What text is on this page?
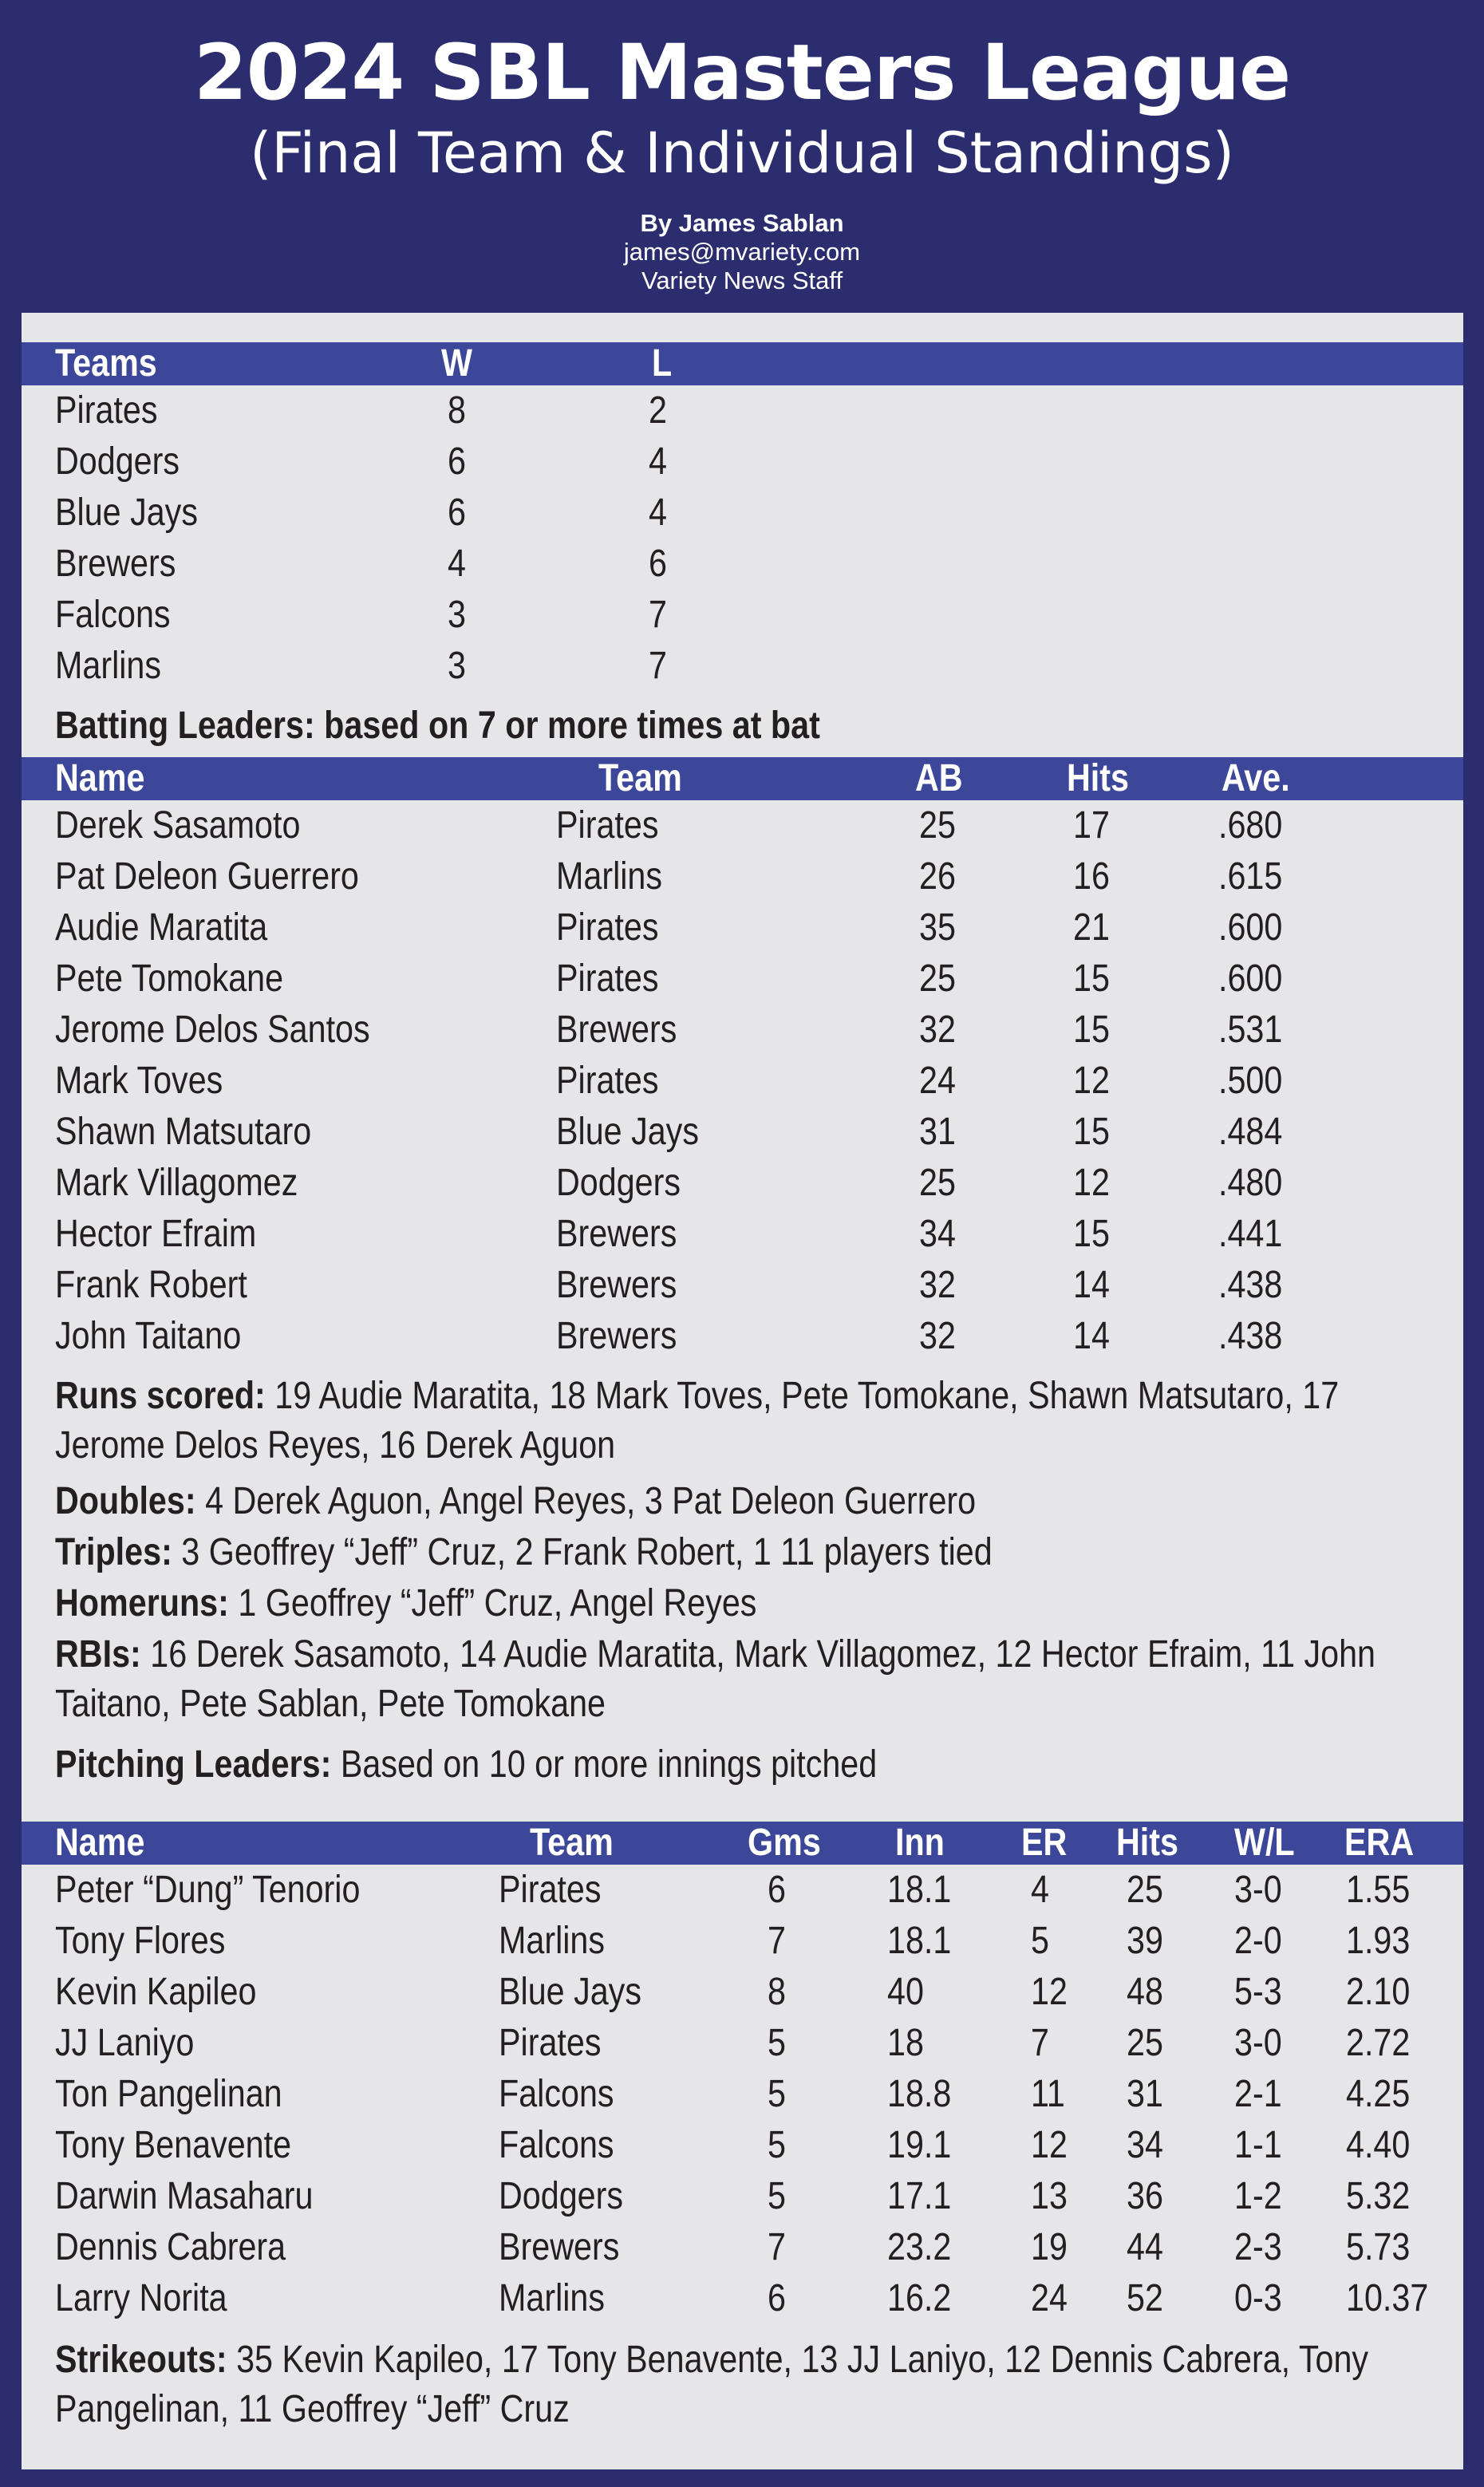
2024 SBL Masters League
(Final Team & Individual Standings)
By James Sablan
james@mvariety.com
Variety News Staff
Teams	W	L
Pirates	8	2
Dodgers	6	4
Blue Jays	6	4
Brewers	4	6
Falcons	3	7
Marlins	3	7
Batting Leaders: based on 7 or more times at bat
Name	Team	AB	Hits Ave.
Derek Sasamoto	Pirates	25	17	.680
Pat Deleon Guerrero	Marlins	26	16	.615
Audie Maratita	Pirates	35	21	.600
Pete Tomokane	Pirates	25	15	.600
Jerome Delos Santos	Brewers	32	15	.531
Mark Toves	Pirates	24	12	.500
Shawn Matsutaro	Blue Jays	31	15	.484
Mark Villagomez	Dodgers	25	12	.480
Hector Efraim	Brewers	34	15	.441
Frank Robert	Brewers	32	14	.438
John Taitano	Brewers	32	14	.438
Runs scored: 19 Audie Maratita, 18 Mark Toves, Pete Tomokane, Shawn Matsutaro, 17 Jerome Delos Reyes, 16 Derek Aguon
Doubles: 4 Derek Aguon, Angel Reyes, 3 Pat Deleon Guerrero
Triples: 3 Geoffrey “Jeff” Cruz, 2 Frank Robert, 1 11 players tied
Homeruns: 1 Geoffrey “Jeff” Cruz, Angel Reyes
RBIs: 16 Derek Sasamoto, 14 Audie Maratita, Mark Villagomez, 12 Hector Efraim, 11 John Taitano, Pete Sablan, Pete Tomokane
Pitching Leaders: Based on 10 or more innings pitched
Name	Team	Gms Inn ER Hits W/L ERA
Peter “Dung” Tenorio	Pirates	6	18.1 4 25 3-0 1.55
Tony Flores	Marlins	7	18.1 5 39 2-0 1.93
Kevin Kapileo	Blue Jays	8	40	12 48 5-3 2.10
JJ Laniyo	Pirates	5	18	7 25 3-0 2.72
Ton Pangelinan	Falcons	5	18.8 11 31 2-1 4.25
Tony Benavente	Falcons	5	19.1 12 34 1-1 4.40
Darwin Masaharu	Dodgers	5	17.1 13 36 1-2 5.32
Dennis Cabrera	Brewers	7	23.2 19 44 2-3 5.73
Larry Norita	Marlins	6	16.2 24 52 0-3 10.37
Strikeouts: 35 Kevin Kapileo, 17 Tony Benavente, 13 JJ Laniyo, 12 Dennis Cabrera, Tony Pangelinan, 11 Geoffrey “Jeff” Cruz
